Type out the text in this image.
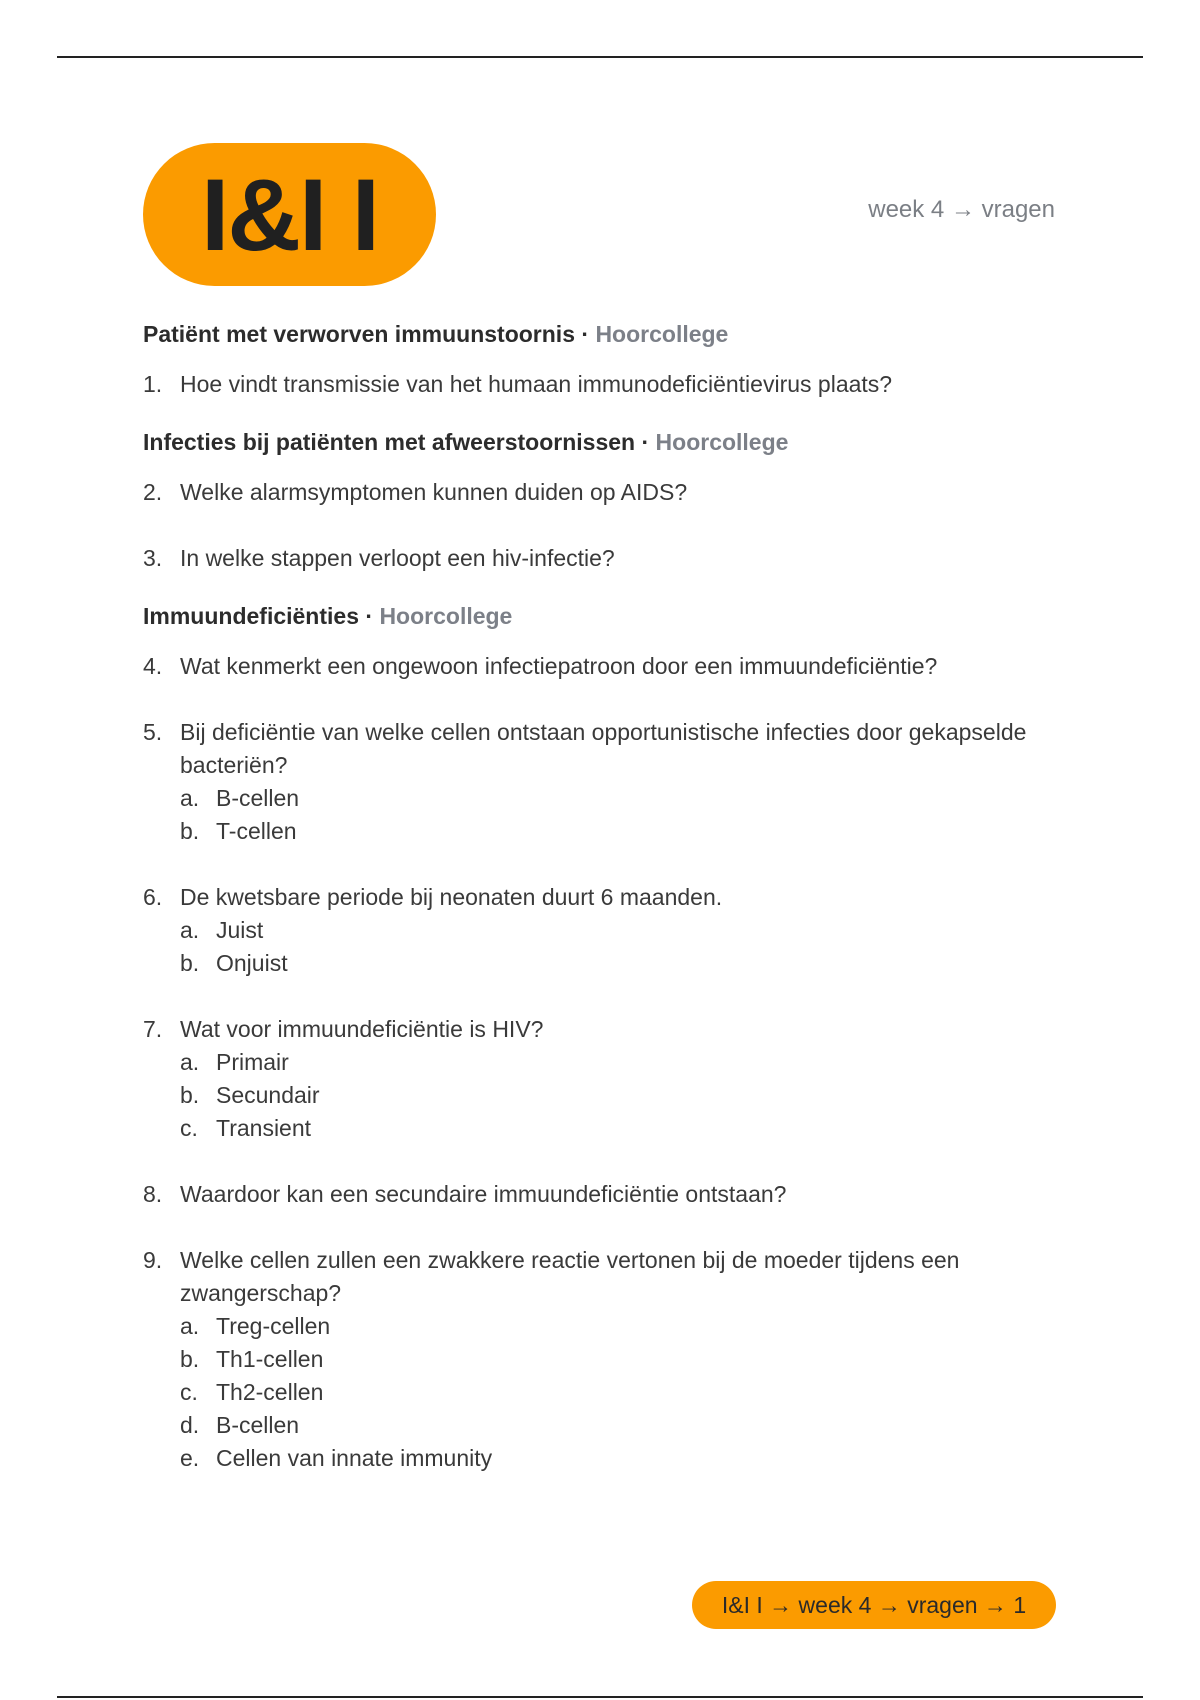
I&I I	week 4 → vragen

Patiënt met verworven immuunstoornis · Hoorcollege

1. Hoe vindt transmissie van het humaan immunodeficiëntievirus plaats?

Infecties bij patiënten met afweerstoornissen · Hoorcollege

2. Welke alarmsymptomen kunnen duiden op AIDS?
3. In welke stappen verloopt een hiv-infectie?

Immuundeficiënties · Hoorcollege

4. Wat kenmerkt een ongewoon infectiepatroon door een immuundeficiëntie?
5. Bij deficiëntie van welke cellen ontstaan opportunistische infecties door gekapselde bacteriën?
a. B-cellen
b. T-cellen
6. De kwetsbare periode bij neonaten duurt 6 maanden.
a. Juist
b. Onjuist
7. Wat voor immuundeficiëntie is HIV?
a. Primair
b. Secundair
c. Transient
8. Waardoor kan een secundaire immuundeficiëntie ontstaan?
9. Welke cellen zullen een zwakkere reactie vertonen bij de moeder tijdens een zwangerschap?
a. Treg-cellen
b. Th1-cellen
c. Th2-cellen
d. B-cellen
e. Cellen van innate immunity
I&I I → week 4 → vragen → 1
